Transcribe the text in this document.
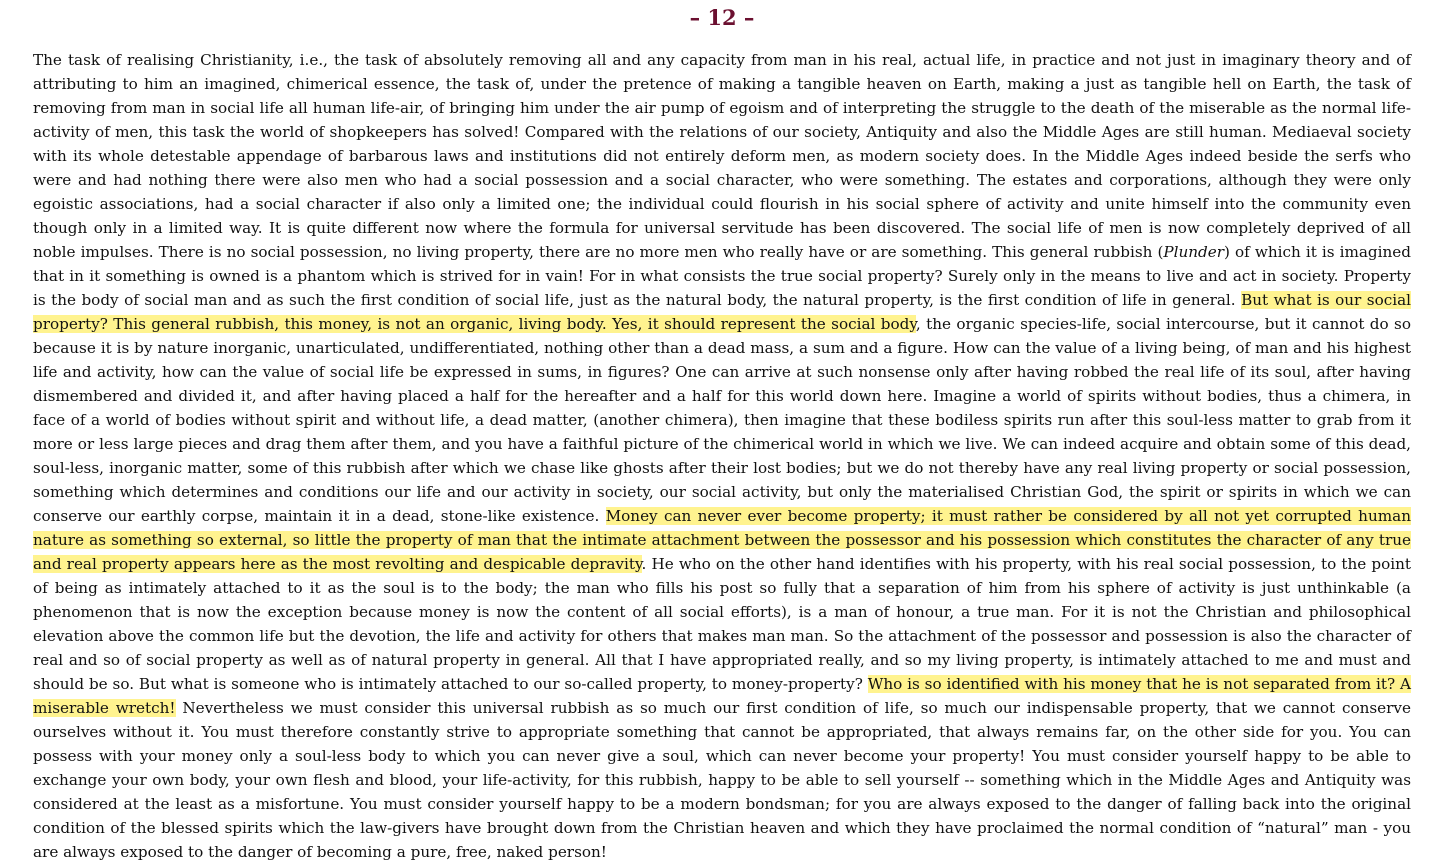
– 12 –

The task of realising Christianity, i.e., the task of absolutely removing all and any capacity from man in his real, actual life, in practice and not just in imaginary theory and of attributing to him an imagined, chimerical essence, the task of, under the pretence of making a tangible heaven on Earth, making a just as tangible hell on Earth, the task of removing from man in social life all human life-air, of bringing him under the air pump of egoism and of interpreting the struggle to the death of the miserable as the normal life-activity of men, this task the world of shopkeepers has solved! Compared with the relations of our society, Antiquity and also the Middle Ages are still human. Mediaeval society with its whole detestable appendage of barbarous laws and institutions did not entirely deform men, as modern society does. In the Middle Ages indeed beside the serfs who were and had nothing there were also men who had a social possession and a social character, who were something. The estates and corporations, although they were only egoistic associations, had a social character if also only a limited one; the individual could flourish in his social sphere of activity and unite himself into the community even though only in a limited way. It is quite different now where the formula for universal servitude has been discovered. The social life of men is now completely deprived of all noble impulses. There is no social possession, no living property, there are no more men who really have or are something. This general rubbish (Plunder) of which it is imagined that in it something is owned is a phantom which is strived for in vain! For in what consists the true social property? Surely only in the means to live and act in society. Property is the body of social man and as such the first condition of social life, just as the natural body, the natural property, is the first condition of life in general. But what is our social property? This general rubbish, this money, is not an organic, living body. Yes, it should represent the social body, the organic species-life, social intercourse, but it cannot do so because it is by nature inorganic, unarticulated, undifferentiated, nothing other than a dead mass, a sum and a figure. How can the value of a living being, of man and his highest life and activity, how can the value of social life be expressed in sums, in figures? One can arrive at such nonsense only after having robbed the real life of its soul, after having dismembered and divided it, and after having placed a half for the hereafter and a half for this world down here. Imagine a world of spirits without bodies, thus a chimera, in face of a world of bodies without spirit and without life, a dead matter, (another chimera), then imagine that these bodiless spirits run after this soul-less matter to grab from it more or less large pieces and drag them after them, and you have a faithful picture of the chimerical world in which we live. We can indeed acquire and obtain some of this dead, soul-less, inorganic matter, some of this rubbish after which we chase like ghosts after their lost bodies; but we do not thereby have any real living property or social possession, something which determines and conditions our life and our activity in society, our social activity, but only the materialised Christian God, the spirit or spirits in which we can conserve our earthly corpse, maintain it in a dead, stone-like existence. Money can never ever become property; it must rather be considered by all not yet corrupted human nature as something so external, so little the property of man that the intimate attachment between the possessor and his possession which constitutes the character of any true and real property appears here as the most revolting and despicable depravity. He who on the other hand identifies with his property, with his real social possession, to the point of being as intimately attached to it as the soul is to the body; the man who fills his post so fully that a separation of him from his sphere of activity is just unthinkable (a phenomenon that is now the exception because money is now the content of all social efforts), is a man of honour, a true man. For it is not the Christian and philosophical elevation above the common life but the devotion, the life and activity for others that makes man man. So the attachment of the possessor and possession is also the character of real and so of social property as well as of natural property in general. All that I have appropriated really, and so my living property, is intimately attached to me and must and should be so. But what is someone who is intimately attached to our so-called property, to money-property? Who is so identified with his money that he is not separated from it? A miserable wretch! Nevertheless we must consider this universal rubbish as so much our first condition of life, so much our indispensable property, that we cannot conserve ourselves without it. You must therefore constantly strive to appropriate something that cannot be appropriated, that always remains far, on the other side for you. You can possess with your money only a soul-less body to which you can never give a soul, which can never become your property! You must consider yourself happy to be able to exchange your own body, your own flesh and blood, your life-activity, for this rubbish, happy to be able to sell yourself -- something which in the Middle Ages and Antiquity was considered at the least as a misfortune. You must consider yourself happy to be a modern bondsman; for you are always exposed to the danger of falling back into the original condition of the blessed spirits which the law-givers have brought down from the Christian heaven and which they have proclaimed the normal condition of “natural” man - you are always exposed to the danger of becoming a pure, free, naked person!
